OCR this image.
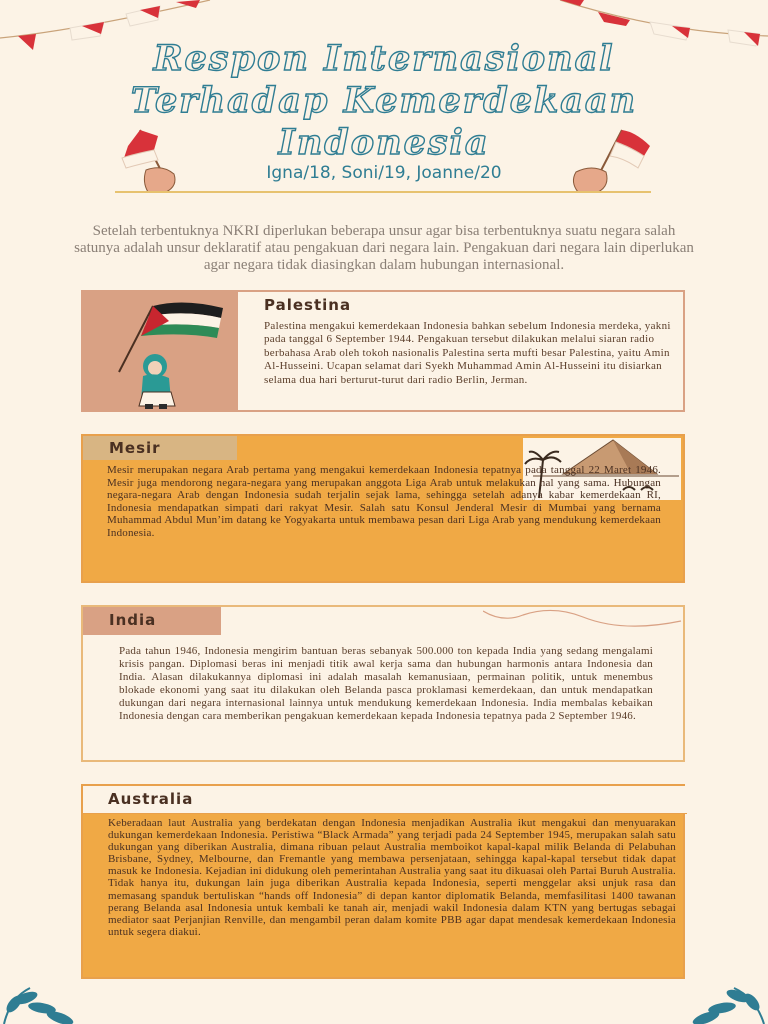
Respon Internasional
Terhadap Kemerdekaan
Indonesia
Igna/18, Soni/19, Joanne/20

Setelah terbentuknya NKRI diperlukan beberapa unsur agar bisa terbentuknya suatu negara salah satunya adalah unsur deklaratif atau pengakuan dari negara lain. Pengakuan dari negara lain diperlukan agar negara tidak diasingkan dalam hubungan internasional.

Palestina

Palestina mengakui kemerdekaan Indonesia bahkan sebelum Indonesia merdeka, yakni pada tanggal 6 September 1944. Pengakuan tersebut dilakukan melalui siaran radio berbahasa Arab oleh tokoh nasionalis Palestina serta mufti besar Palestina, yaitu Amin Al-Husseini. Ucapan selamat dari Syekh Muhammad Amin Al-Husseini itu disiarkan selama dua hari berturut-turut dari radio Berlin, Jerman.

Mesir

Mesir merupakan negara Arab pertama yang mengakui kemerdekaan Indonesia tepatnya pada tanggal 22 Maret 1946. Mesir juga mendorong negara-negara yang merupakan anggota Liga Arab untuk melakukan hal yang sama. Hubungan negara-negara Arab dengan Indonesia sudah terjalin sejak lama, sehingga setelah adanya kabar kemerdekaan RI, Indonesia mendapatkan simpati dari rakyat Mesir. Salah satu Konsul Jenderal Mesir di Mumbai yang bernama Muhammad Abdul Mun’im datang ke Yogyakarta untuk membawa pesan dari Liga Arab yang mendukung kemerdekaan Indonesia.

India

Pada tahun 1946, Indonesia mengirim bantuan beras sebanyak 500.000 ton kepada India yang sedang mengalami krisis pangan. Diplomasi beras ini menjadi titik awal kerja sama dan hubungan harmonis antara Indonesia dan India. Alasan dilakukannya diplomasi ini adalah masalah kemanusiaan, permainan politik, untuk menembus blokade ekonomi yang saat itu dilakukan oleh Belanda pasca proklamasi kemerdekaan, dan untuk mendapatkan dukungan dari negara internasional lainnya untuk mendukung kemerdekaan Indonesia. India membalas kebaikan Indonesia dengan cara memberikan pengakuan kemerdekaan kepada Indonesia tepatnya pada 2 September 1946.

Australia

Keberadaan laut Australia yang berdekatan dengan Indonesia menjadikan Australia ikut mengakui dan menyuarakan dukungan kemerdekaan Indonesia. Peristiwa “Black Armada” yang terjadi pada 24 September 1945, merupakan salah satu dukungan yang diberikan Australia, dimana ribuan pelaut Australia memboikot kapal-kapal milik Belanda di Pelabuhan Brisbane, Sydney, Melbourne, dan Fremantle yang membawa persenjataan, sehingga kapal-kapal tersebut tidak dapat masuk ke Indonesia. Kejadian ini didukung oleh pemerintahan Australia yang saat itu dikuasai oleh Partai Buruh Australia. Tidak hanya itu, dukungan lain juga diberikan Australia kepada Indonesia, seperti menggelar aksi unjuk rasa dan memasang spanduk bertuliskan “hands off Indonesia” di depan kantor diplomatik Belanda, memfasilitasi 1400 tawanan perang Belanda asal Indonesia untuk kembali ke tanah air, menjadi wakil Indonesia dalam KTN yang bertugas sebagai mediator saat Perjanjian Renville, dan mengambil peran dalam komite PBB agar dapat mendesak kemerdekaan Indonesia untuk segera diakui.
